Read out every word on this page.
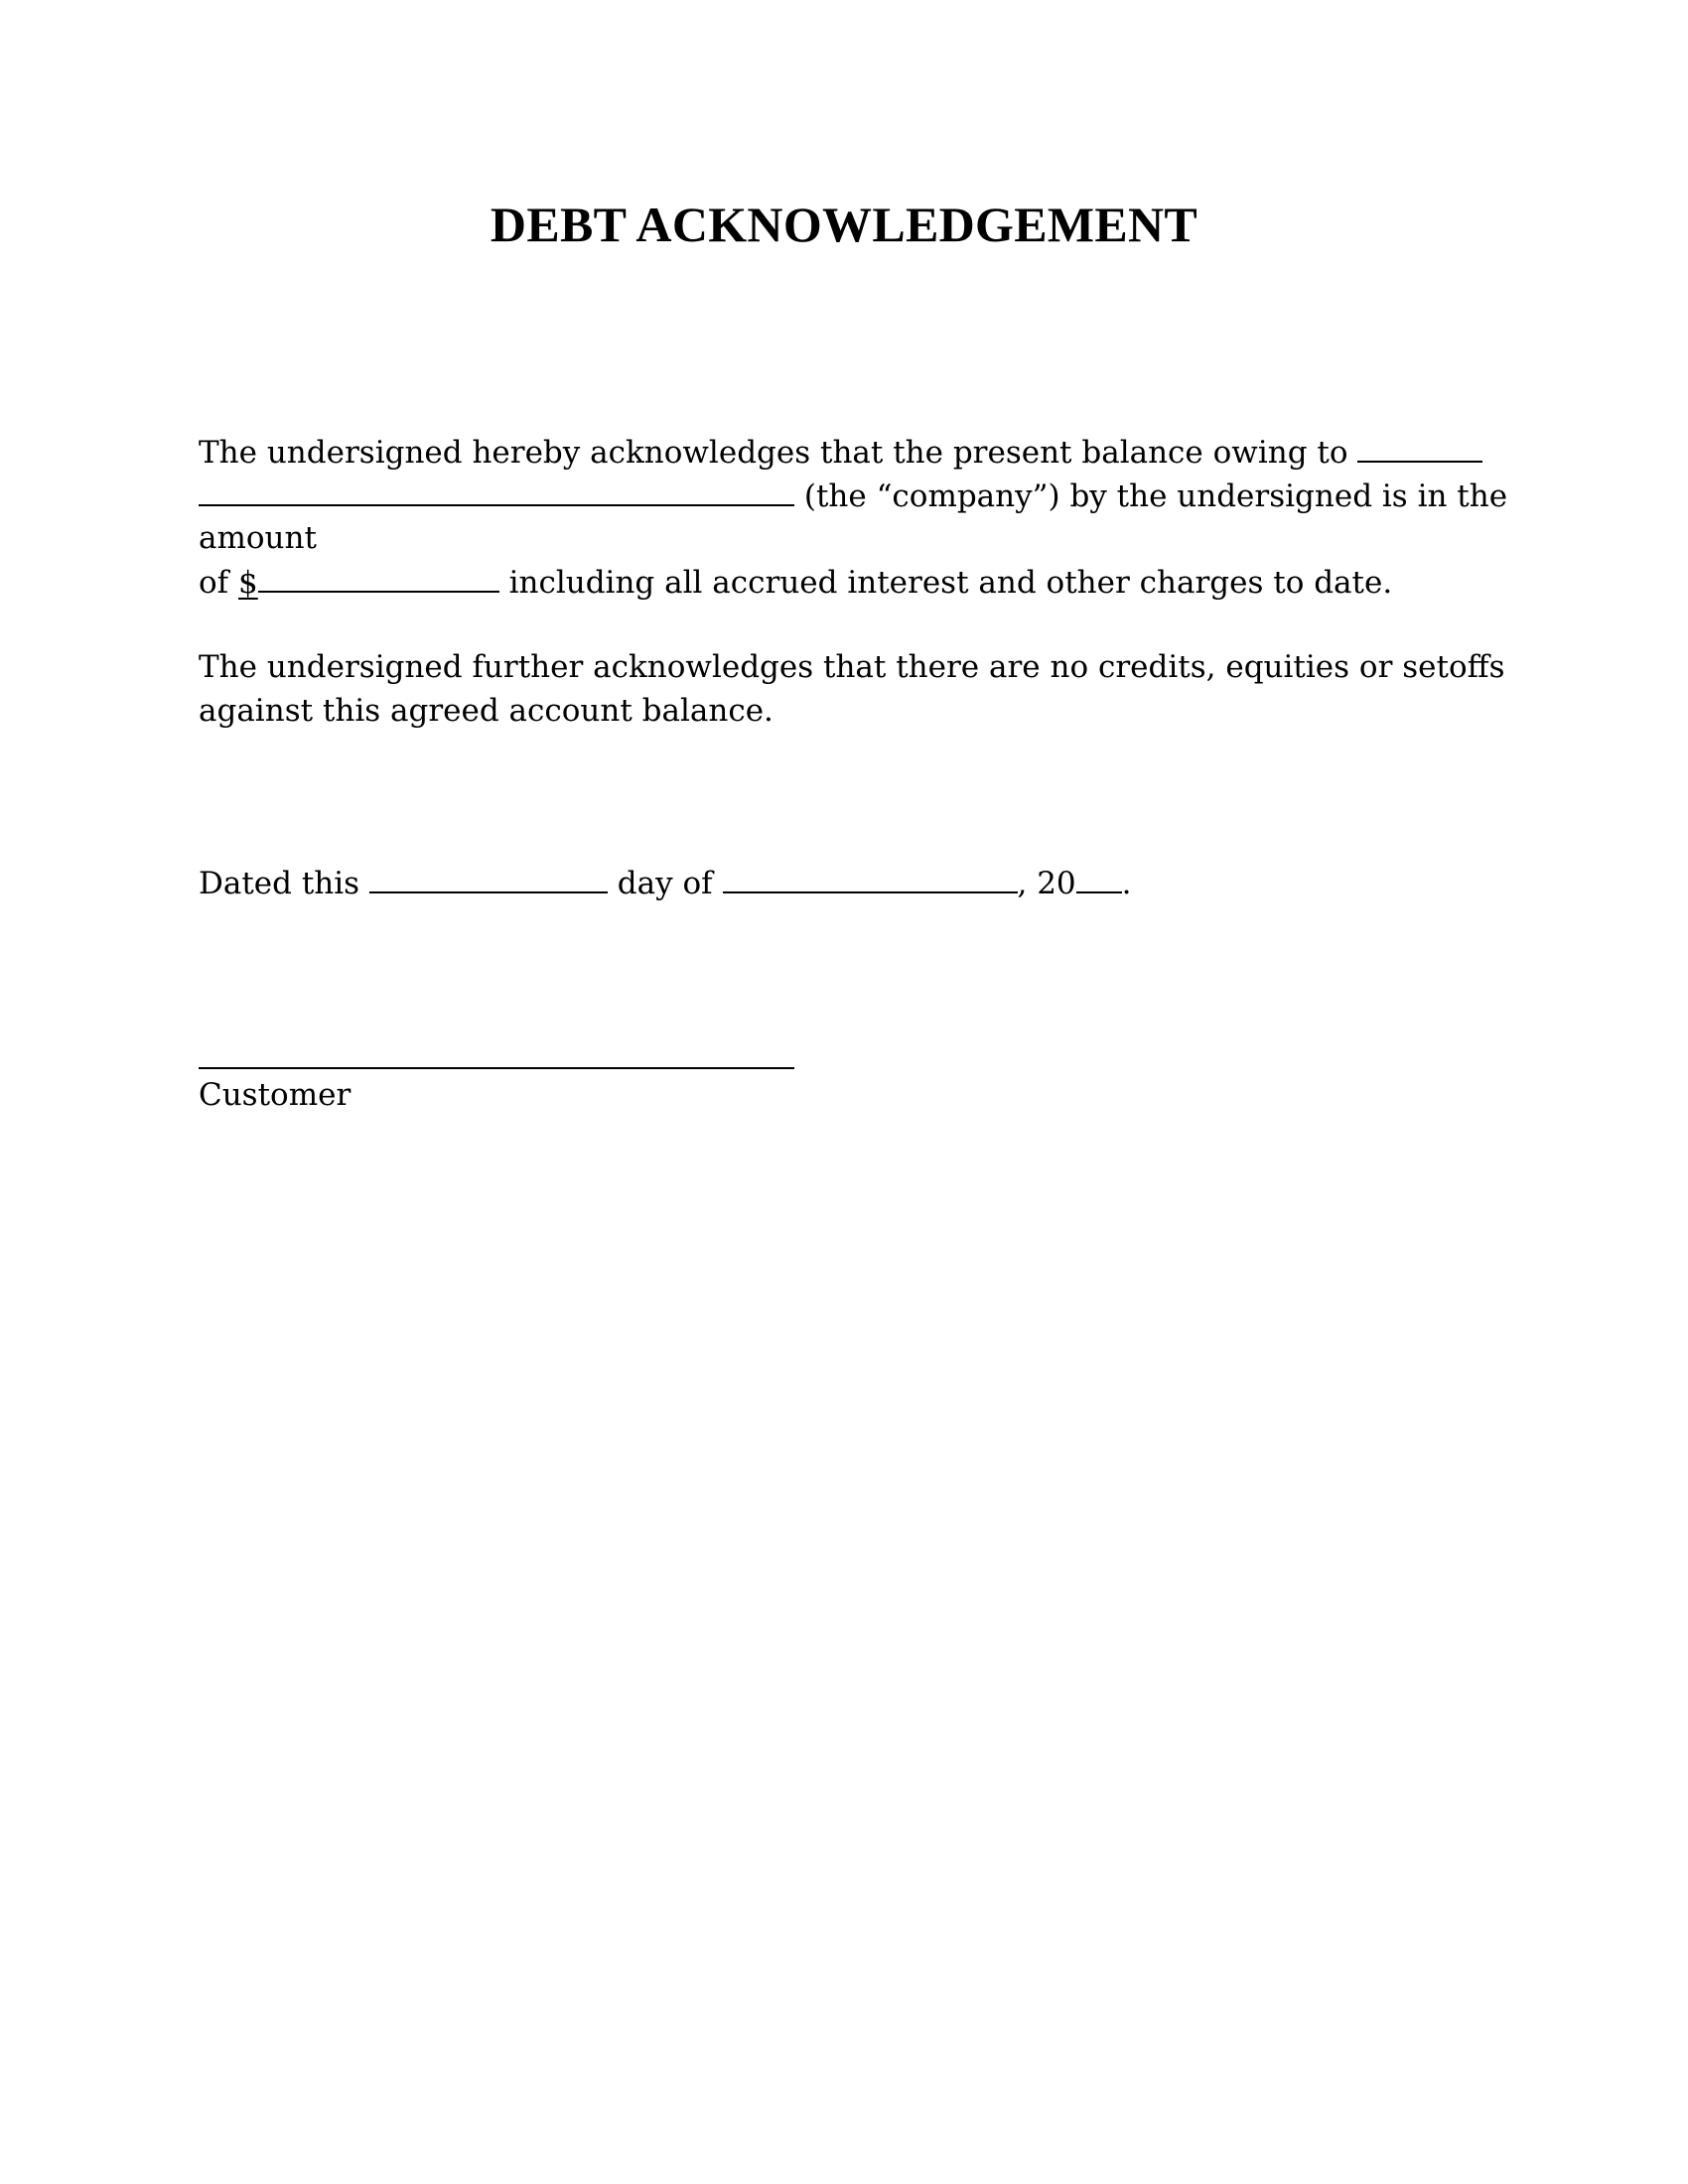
DEBT ACKNOWLEDGEMENT
The undersigned hereby acknowledges that the present balance owing to
(the “company”) by the undersigned is in the
amount
of $	including all accrued interest and other charges to date.
The undersigned further acknowledges that there are no credits, equities or setoffs
against this agreed account balance.
Dated this	day of	, 20 .
Customer
